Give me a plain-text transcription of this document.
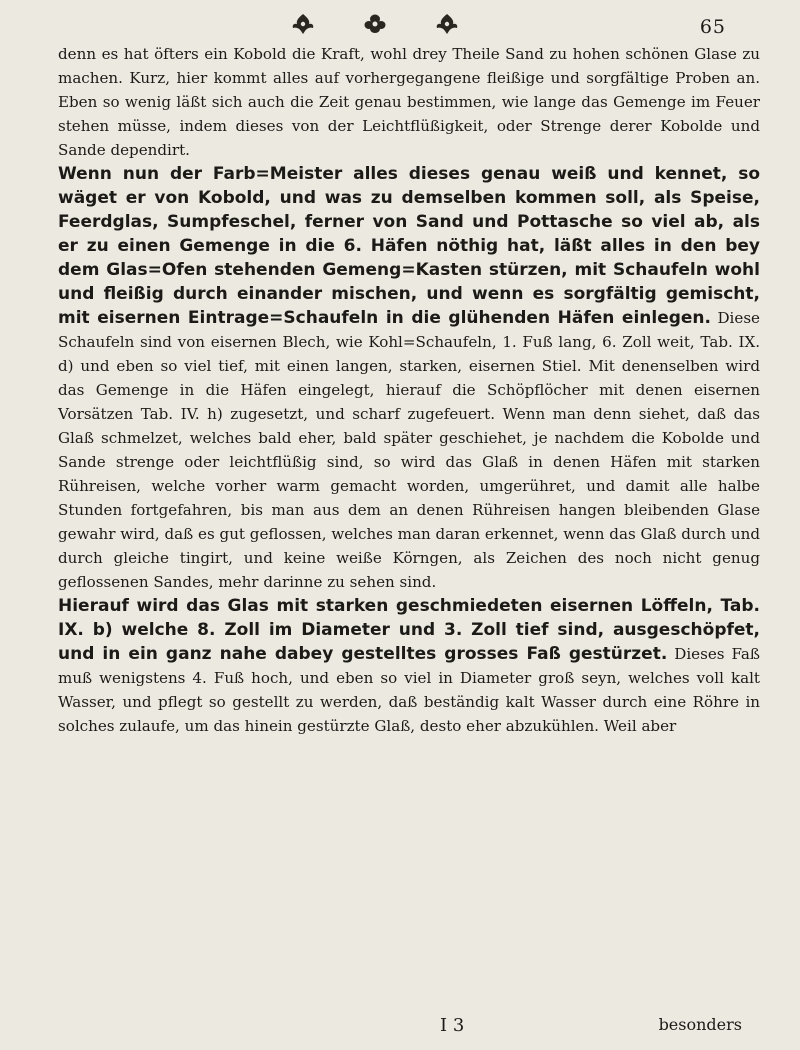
65

denn es hat öfters ein Kobold die Kraft, wohl drey Theile Sand zu hohen schönen Glase zu machen. Kurz, hier kommt alles auf vorhergegangene fleißige und sorgfältige Proben an. Eben so wenig läßt sich auch die Zeit genau bestimmen, wie lange das Gemenge im Feuer stehen müsse, indem dieses von der Leichtflüßigkeit, oder Strenge derer Kobolde und Sande dependirt.

Wenn nun der Farb=Meister alles dieses genau weiß und kennet, so wäget er von Kobold, und was zu demselben kommen soll, als Speise, Feerdglas, Sumpfeschel, ferner von Sand und Pottasche so viel ab, als er zu einen Gemenge in die 6. Häfen nöthig hat, läßt alles in den bey dem Glas=Ofen stehenden Gemeng=Kasten stürzen, mit Schaufeln wohl und fleißig durch einander mischen, und wenn es sorgfältig gemischt, mit eisernen Eintrage=Schaufeln in die glühenden Häfen einlegen. Diese Schaufeln sind von eisernen Blech, wie Kohl=Schaufeln, 1. Fuß lang, 6. Zoll weit, Tab. IX. d) und eben so viel tief, mit einen langen, starken, eisernen Stiel. Mit denenselben wird das Gemenge in die Häfen eingelegt, hierauf die Schöpflöcher mit denen eisernen Vorsätzen Tab. IV. h) zugesetzt, und scharf zugefeuert. Wenn man denn siehet, daß das Glaß schmelzet, welches bald eher, bald später geschiehet, je nachdem die Kobolde und Sande strenge oder leichtflüßig sind, so wird das Glaß in denen Häfen mit starken Rühreisen, welche vorher warm gemacht worden, umgerühret, und damit alle halbe Stunden fortgefahren, bis man aus dem an denen Rühreisen hangen bleibenden Glase gewahr wird, daß es gut geflossen, welches man daran erkennet, wenn das Glaß durch und durch gleiche tingirt, und keine weiße Körngen, als Zeichen des noch nicht genug geflossenen Sandes, mehr darinne zu sehen sind.

Hierauf wird das Glas mit starken geschmiedeten eisernen Löffeln, Tab. IX. b) welche 8. Zoll im Diameter und 3. Zoll tief sind, ausgeschöpfet, und in ein ganz nahe dabey gestelltes grosses Faß gestürzet. Dieses Faß muß wenigstens 4. Fuß hoch, und eben so viel in Diameter groß seyn, welches voll kalt Wasser, und pflegt so gestellt zu werden, daß beständig kalt Wasser durch eine Röhre in solches zulaufe, um das hinein gestürzte Glaß, desto eher abzukühlen. Weil aber

I 3	besonders
